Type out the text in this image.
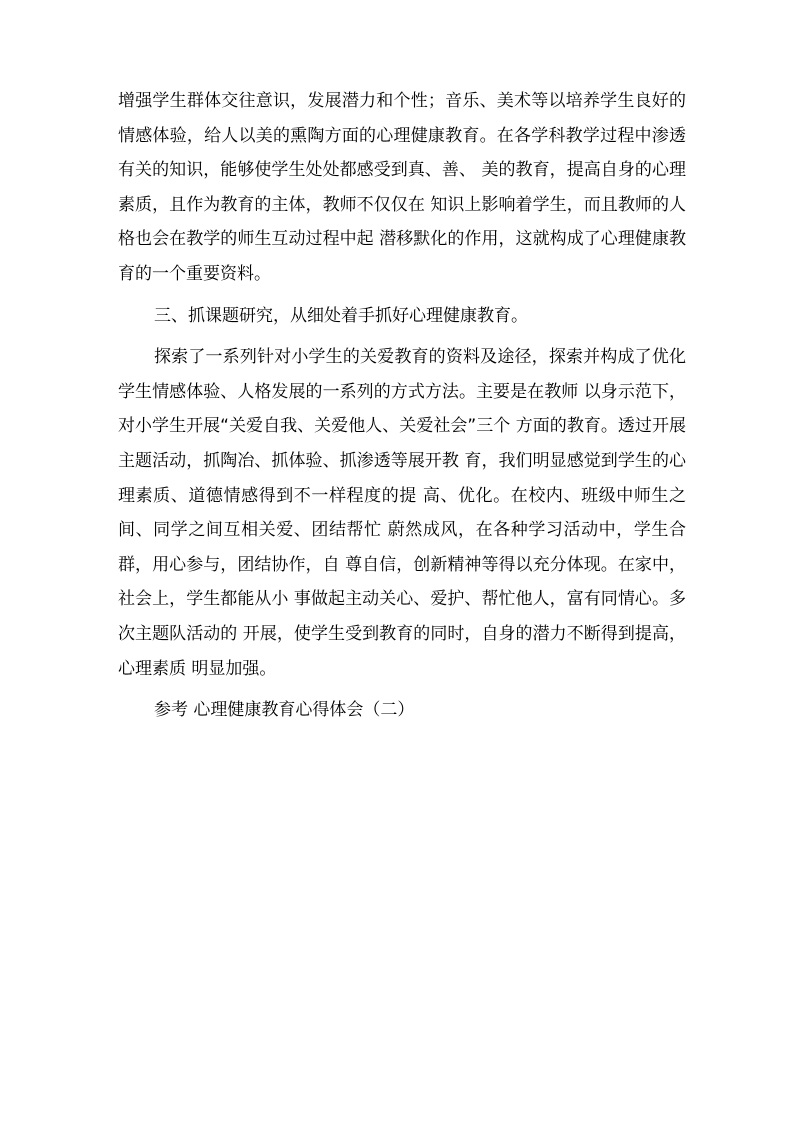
增强学生群体交往意识，发展潜力和个性；音乐、美术等以培养学生良好的情感体验，给人以美的熏陶方面的心理健康教育。在各学科教学过程中渗透有关的知识，能够使学生处处都感受到真、善、 美的教育，提高自身的心理素质，且作为教育的主体，教师不仅仅在 知识上影响着学生，而且教师的人格也会在教学的师生互动过程中起 潜移默化的作用，这就构成了心理健康教育的一个重要资料。

三、抓课题研究，从细处着手抓好心理健康教育。

探索了一系列针对小学生的关爱教育的资料及途径，探索并构成了优化学生情感体验、人格发展的一系列的方式方法。主要是在教师 以身示范下，对小学生开展“关爱自我、关爱他人、关爱社会”三个 方面的教育。透过开展主题活动，抓陶冶、抓体验、抓渗透等展开教 育，我们明显感觉到学生的心理素质、道德情感得到不一样程度的提 高、优化。在校内、班级中师生之间、同学之间互相关爱、团结帮忙 蔚然成风，在各种学习活动中，学生合群，用心参与，团结协作，自 尊自信，创新精神等得以充分体现。在家中，社会上，学生都能从小 事做起主动关心、爱护、帮忙他人，富有同情心。多次主题队活动的 开展，使学生受到教育的同时，自身的潜力不断得到提高，心理素质 明显加强。

参考 心理健康教育心得体会（二）
